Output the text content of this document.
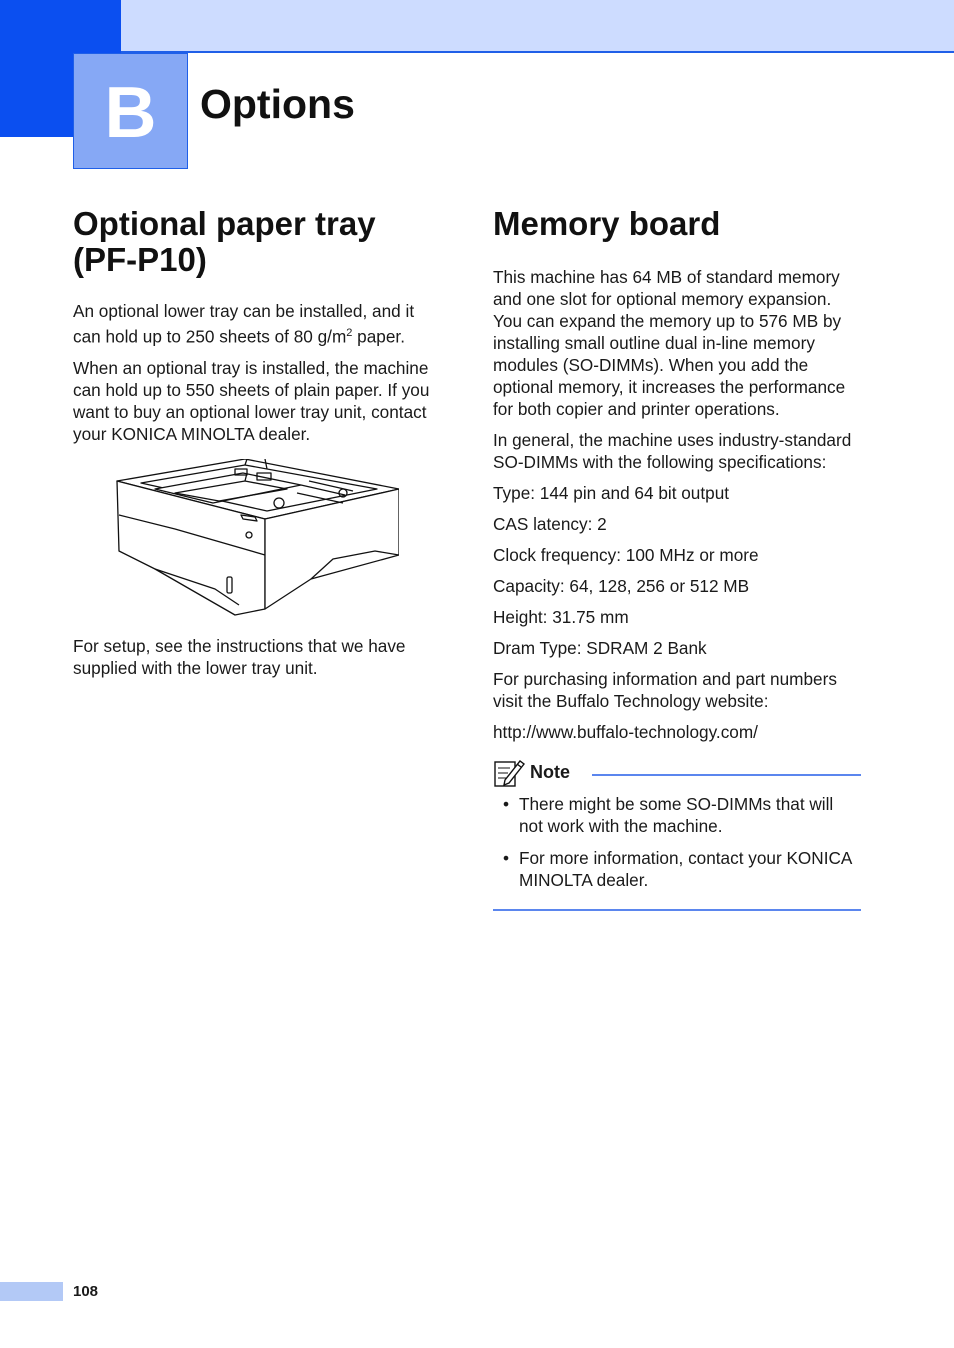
B Options
Optional paper tray
(PF-P10)

An optional lower tray can be installed, and it can hold up to 250 sheets of 80 $g/m^2$ paper.

When an optional tray is installed, the machine can hold up to 550 sheets of plain paper. If you want to buy an optional lower tray unit, contact your KONICA MINOLTA dealer.

For setup, see the instructions that we have supplied with the lower tray unit.

Memory board

This machine has 64 MB of standard memory and one slot for optional memory expansion. You can expand the memory up to 576 MB by installing small outline dual in-line memory modules (SO-DIMMs). When you add the optional memory, it increases the performance for both copier and printer operations.

In general, the machine uses industry-standard SO-DIMMs with the following specifications:

Type: 144 pin and 64 bit output

CAS latency: 2

Clock frequency: 100 MHz or more

Capacity: 64, 128, 256 or 512 MB

Height: 31.75 mm

Dram Type: SDRAM 2 Bank

For purchasing information and part numbers visit the Buffalo Technology website:

http://www.buffalo-technology.com/

Note
• There might be some SO-DIMMs that will not work with the machine.
• For more information, contact your KONICA MINOLTA dealer.
108
